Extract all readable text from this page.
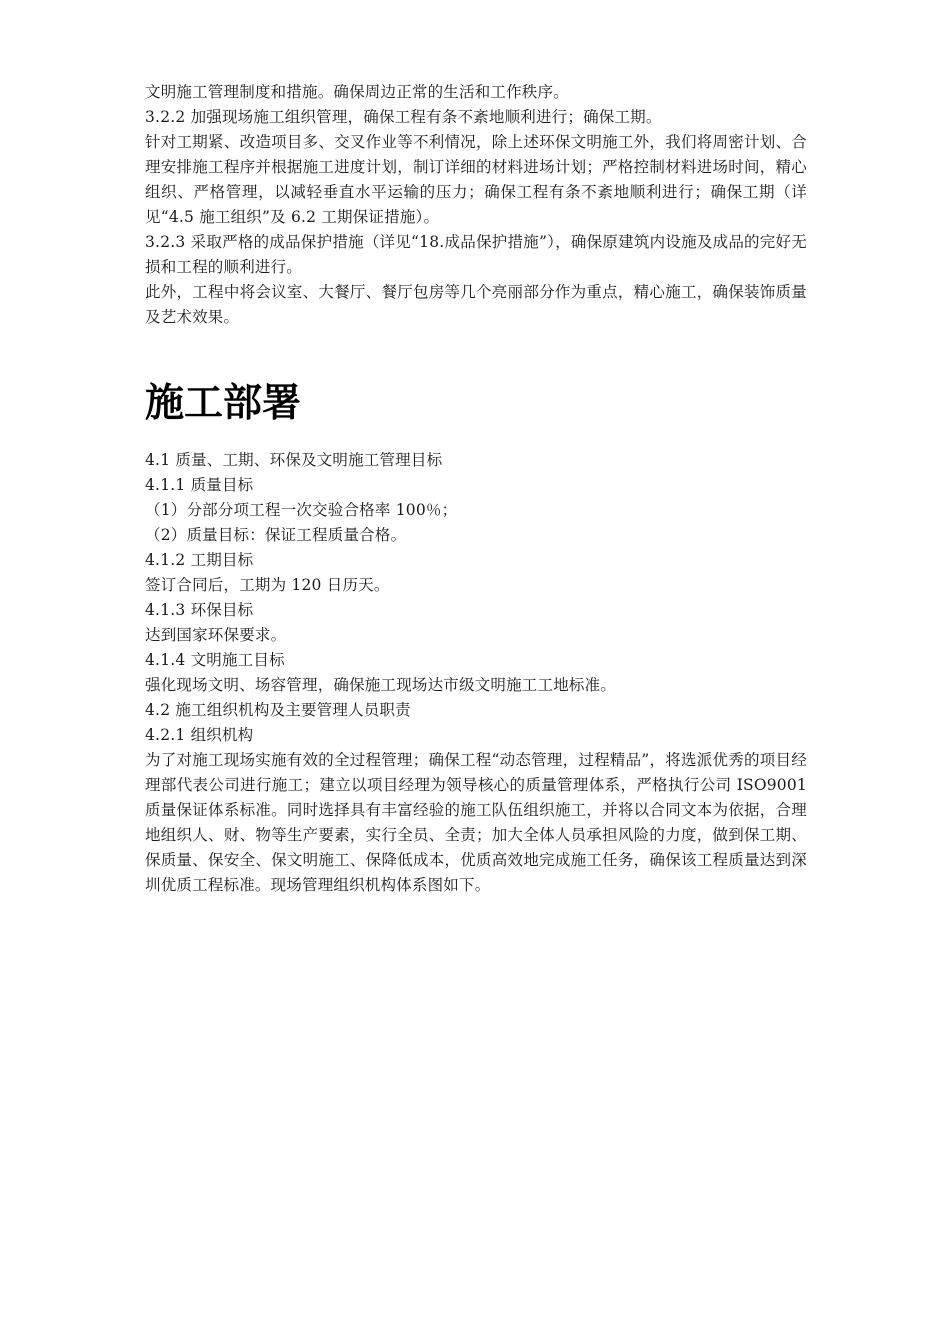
文明施工管理制度和措施。确保周边正常的生活和工作秩序。

3.2.2 加强现场施工组织管理，确保工程有条不紊地顺利进行；确保工期。

针对工期紧、改造项目多、交叉作业等不利情况，除上述环保文明施工外，我们将周密计划、合理安排施工程序并根据施工进度计划，制订详细的材料进场计划；严格控制材料进场时间，精心组织、严格管理，以减轻垂直水平运输的压力；确保工程有条不紊地顺利进行；确保工期（详见“4.5 施工组织”及 6.2 工期保证措施）。

3.2.3 采取严格的成品保护措施（详见“18.成品保护措施”），确保原建筑内设施及成品的完好无损和工程的顺利进行。

此外，工程中将会议室、大餐厅、餐厅包房等几个亮丽部分作为重点，精心施工，确保装饰质量及艺术效果。

施工部署

4.1 质量、工期、环保及文明施工管理目标

4.1.1 质量目标

（1）分部分项工程一次交验合格率 100％；

（2）质量目标：保证工程质量合格。

4.1.2 工期目标

签订合同后，工期为 120 日历天。

4.1.3 环保目标

达到国家环保要求。

4.1.4 文明施工目标

强化现场文明、场容管理，确保施工现场达市级文明施工工地标准。

4.2 施工组织机构及主要管理人员职责

4.2.1 组织机构

为了对施工现场实施有效的全过程管理；确保工程“动态管理，过程精品”，将选派优秀的项目经理部代表公司进行施工；建立以项目经理为领导核心的质量管理体系，严格执行公司 ISO9001 质量保证体系标准。同时选择具有丰富经验的施工队伍组织施工，并将以合同文本为依据，合理地组织人、财、物等生产要素，实行全员、全责；加大全体人员承担风险的力度，做到保工期、保质量、保安全、保文明施工、保降低成本，优质高效地完成施工任务，确保该工程质量达到深圳优质工程标准。现场管理组织机构体系图如下。
